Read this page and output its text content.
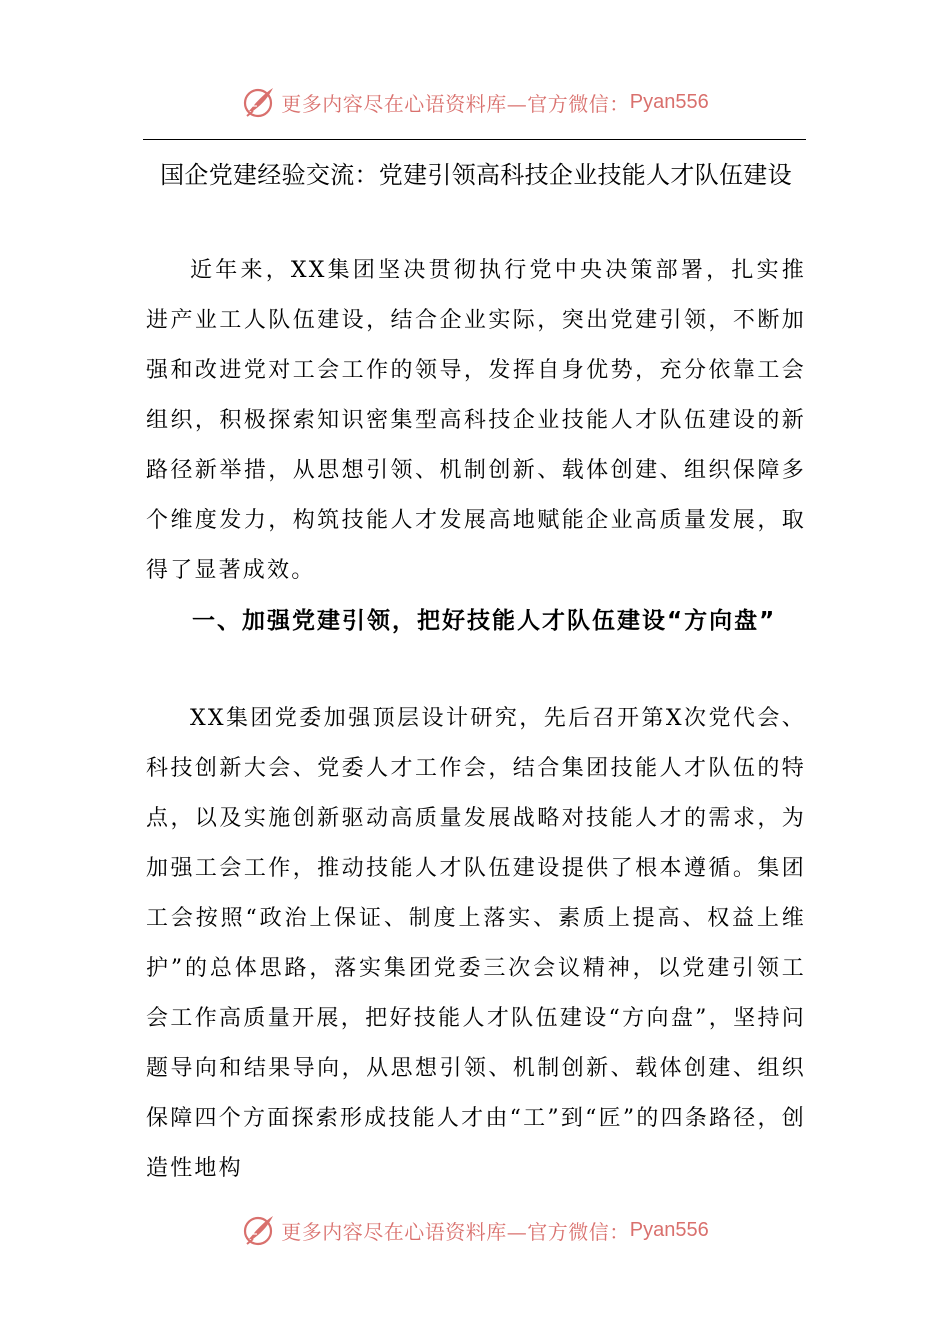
更多内容尽在心语资料库—官方微信： Pyan556
国企党建经验交流：党建引领高科技企业技能人才队伍建设

近年来，XX集团坚决贯彻执行党中央决策部署，扎实推进产业工人队伍建设，结合企业实际，突出党建引领，不断加强和改进党对工会工作的领导，发挥自身优势，充分依靠工会组织，积极探索知识密集型高科技企业技能人才队伍建设的新路径新举措，从思想引领、机制创新、载体创建、组织保障多个维度发力，构筑技能人才发展高地赋能企业高质量发展，取得了显著成效。

一、加强党建引领，把好技能人才队伍建设“方向盘”

XX集团党委加强顶层设计研究，先后召开第X次党代会、科技创新大会、党委人才工作会，结合集团技能人才队伍的特点，以及实施创新驱动高质量发展战略对技能人才的需求，为加强工会工作，推动技能人才队伍建设提供了根本遵循。集团工会按照“政治上保证、制度上落实、素质上提高、权益上维护”的总体思路，落实集团党委三次会议精神，以党建引领工会工作高质量开展，把好技能人才队伍建设“方向盘”，坚持问题导向和结果导向，从思想引领、机制创新、载体创建、组织保障四个方面探索形成技能人才由“工”到“匠”的四条路径，创造性地构

更多内容尽在心语资料库—官方微信： Pyan556
